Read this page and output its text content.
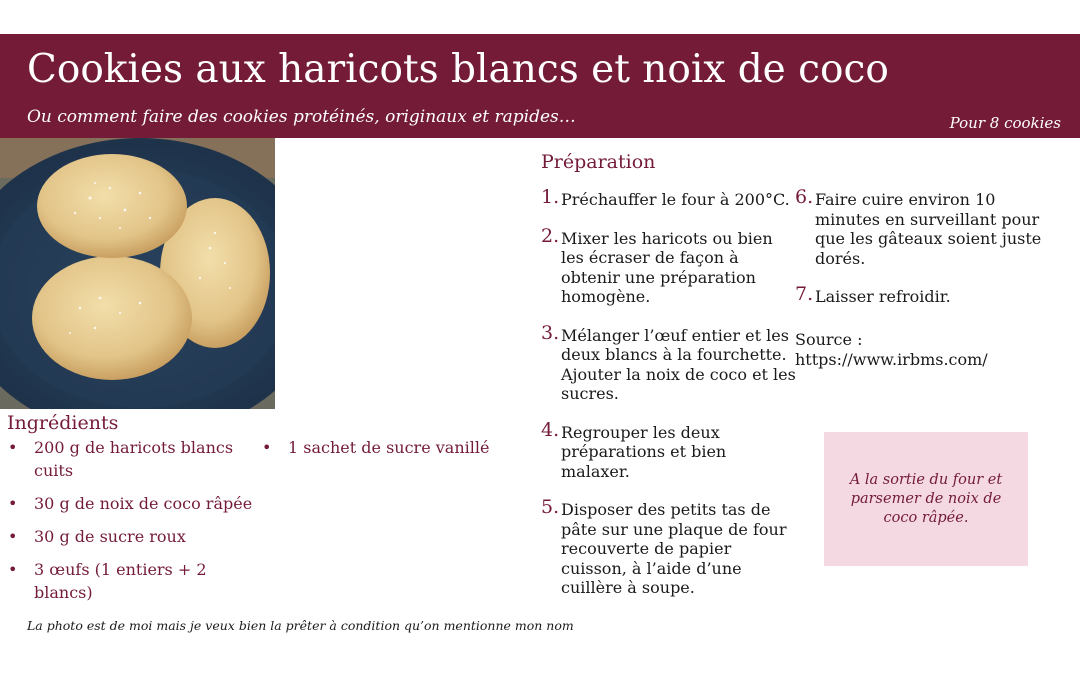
Cookies aux haricots blancs et noix de coco
Ou comment faire des cookies protéinés, originaux et rapides…	Pour 8 cookies
Ingrédients
• 200 g de haricots blancs cuits
• 30 g de noix de coco râpée
• 30 g de sucre roux
• 3 œufs (1 entiers + 2 blancs)
• 1 sachet de sucre vanillé
Préparation
1. Préchauffer le four à 200°C.
2. Mixer les haricots ou bien les écraser de façon à obtenir une préparation homogène.
3. Mélanger l’œuf entier et les deux blancs à la fourchette. Ajouter la noix de coco et les sucres.
4. Regrouper les deux préparations et bien malaxer.
5. Disposer des petits tas de pâte sur une plaque de four recouverte de papier cuisson, à l’aide d’une cuillère à soupe.
6. Faire cuire environ 10 minutes en surveillant pour que les gâteaux soient juste dorés.
7. Laisser refroidir.
Source :
https://www.irbms.com/
A la sortie du four et parsemer de noix de coco râpée.
La photo est de moi mais je veux bien la prêter à condition qu’on mentionne mon nom
